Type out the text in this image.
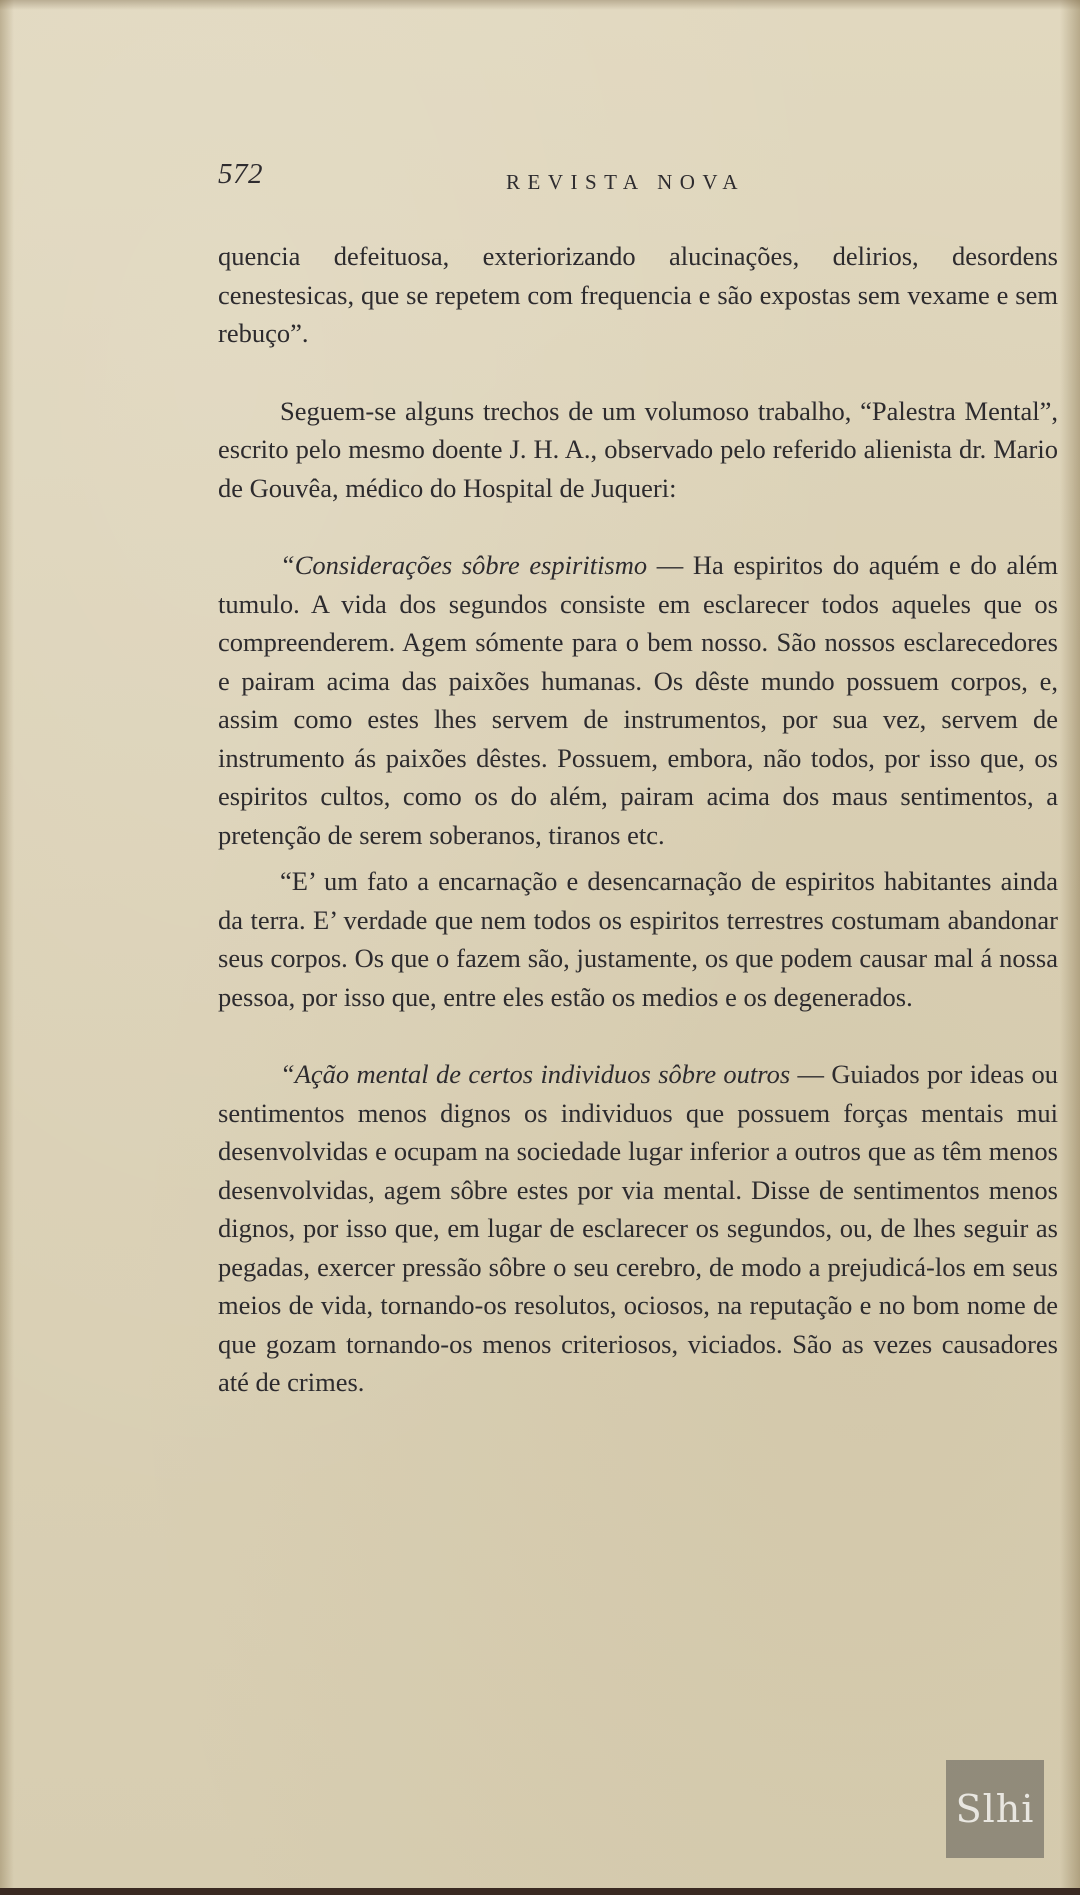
572	REVISTA NOVA

quencia defeituosa, exteriorizando alucinações, delirios, desordens cenestesicas, que se repetem com frequencia e são expostas sem vexame e sem rebuço”.

Seguem-se alguns trechos de um volumoso trabalho, “Palestra Mental”, escrito pelo mesmo doente J. H. A., observado pelo referido alienista dr. Mario de Gouvêa, médico do Hospital de Juqueri:

“Considerações sôbre espiritismo — Ha espiritos do aquém e do além tumulo. A vida dos segundos consiste em esclarecer todos aqueles que os compreenderem. Agem sómente para o bem nosso. São nossos esclarecedores e pairam acima das paixões humanas. Os dêste mundo possuem corpos, e, assim como estes lhes servem de instrumentos, por sua vez, servem de instrumento ás paixões dêstes. Possuem, embora, não todos, por isso que, os espiritos cultos, como os do além, pairam acima dos maus sentimentos, a pretenção de serem soberanos, tiranos etc.

“E’ um fato a encarnação e desencarnação de espiritos habitantes ainda da terra. E’ verdade que nem todos os espiritos terrestres costumam abandonar seus corpos. Os que o fazem são, justamente, os que podem causar mal á nossa pessoa, por isso que, entre eles estão os medios e os degenerados.

“Ação mental de certos individuos sôbre outros — Guiados por ideas ou sentimentos menos dignos os individuos que possuem forças mentais mui desenvolvidas e ocupam na sociedade lugar inferior a outros que as têm menos desenvolvidas, agem sôbre estes por via mental. Disse de sentimentos menos dignos, por isso que, em lugar de esclarecer os segundos, ou, de lhes seguir as pegadas, exercer pressão sôbre o seu cerebro, de modo a prejudicá-los em seus meios de vida, tornando-os resolutos, ociosos, na reputação e no bom nome de que gozam tornando-os menos criteriosos, viciados. São as vezes causadores até de crimes.

Slhi
